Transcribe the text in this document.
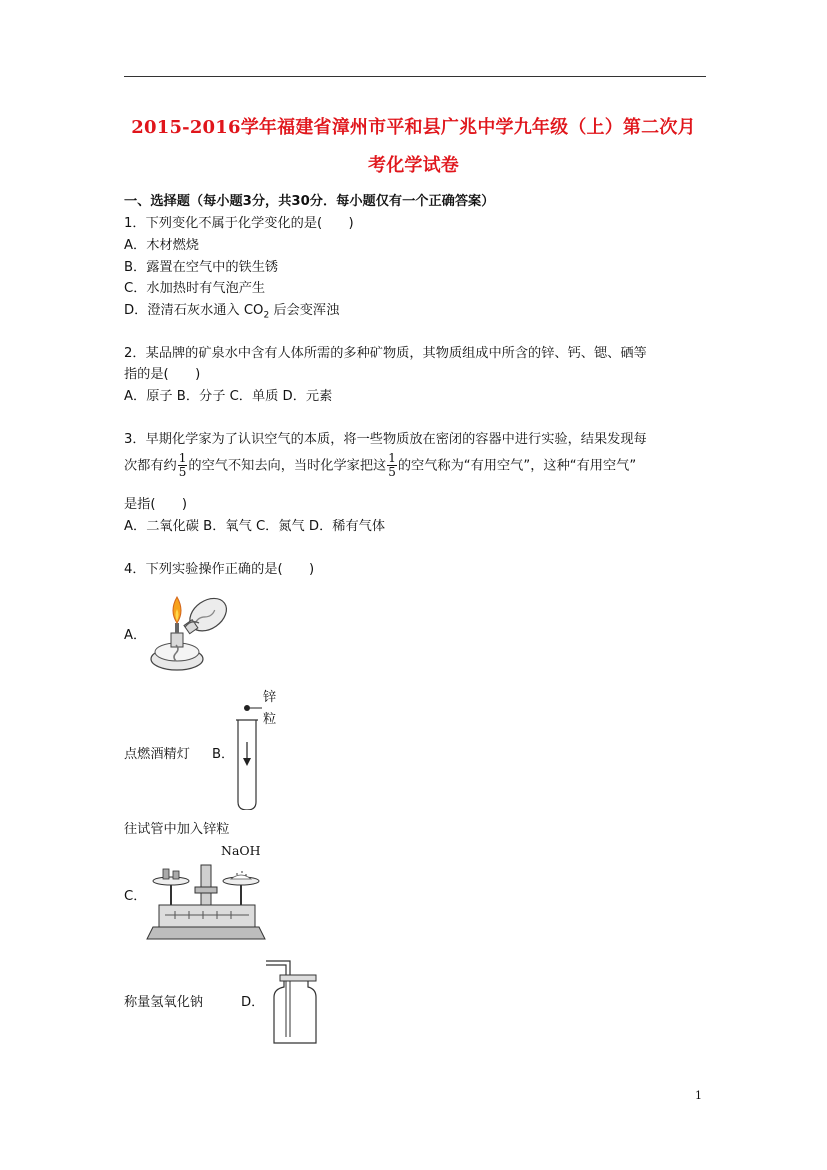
2015-2016学年福建省漳州市平和县广兆中学九年级（上）第二次月
考化学试卷
一、选择题（每小题3分，共30分．每小题仅有一个正确答案）
1．下列变化不属于化学变化的是(　　)
A．木材燃烧
B．露置在空气中的铁生锈
C．水加热时有气泡产生
D．澄清石灰水通入 $CO_2$ 后会变浑浊
2．某品牌的矿泉水中含有人体所需的多种矿物质，其物质组成中所含的锌、钙、锶、硒等
指的是(　　)
A．原子 B．分子 C．单质 D．元素
3．早期化学家为了认识空气的本质，将一些物质放在密闭的容器中进行实验，结果发现每
次都有约 $\frac{1}{5}$ 的空气不知去向，当时化学家把这 $\frac{1}{5}$ 的空气称为“有用空气”，这种“有用空气”
是指(　　)
A．二氧化碳 B．氧气 C．氮气 D．稀有气体
4．下列实验操作正确的是(　　)
A．
点燃酒精灯 B．
锌
粒
往试管中加入锌粒
C．
NaOH
称量氢氧化钠	D．
1
